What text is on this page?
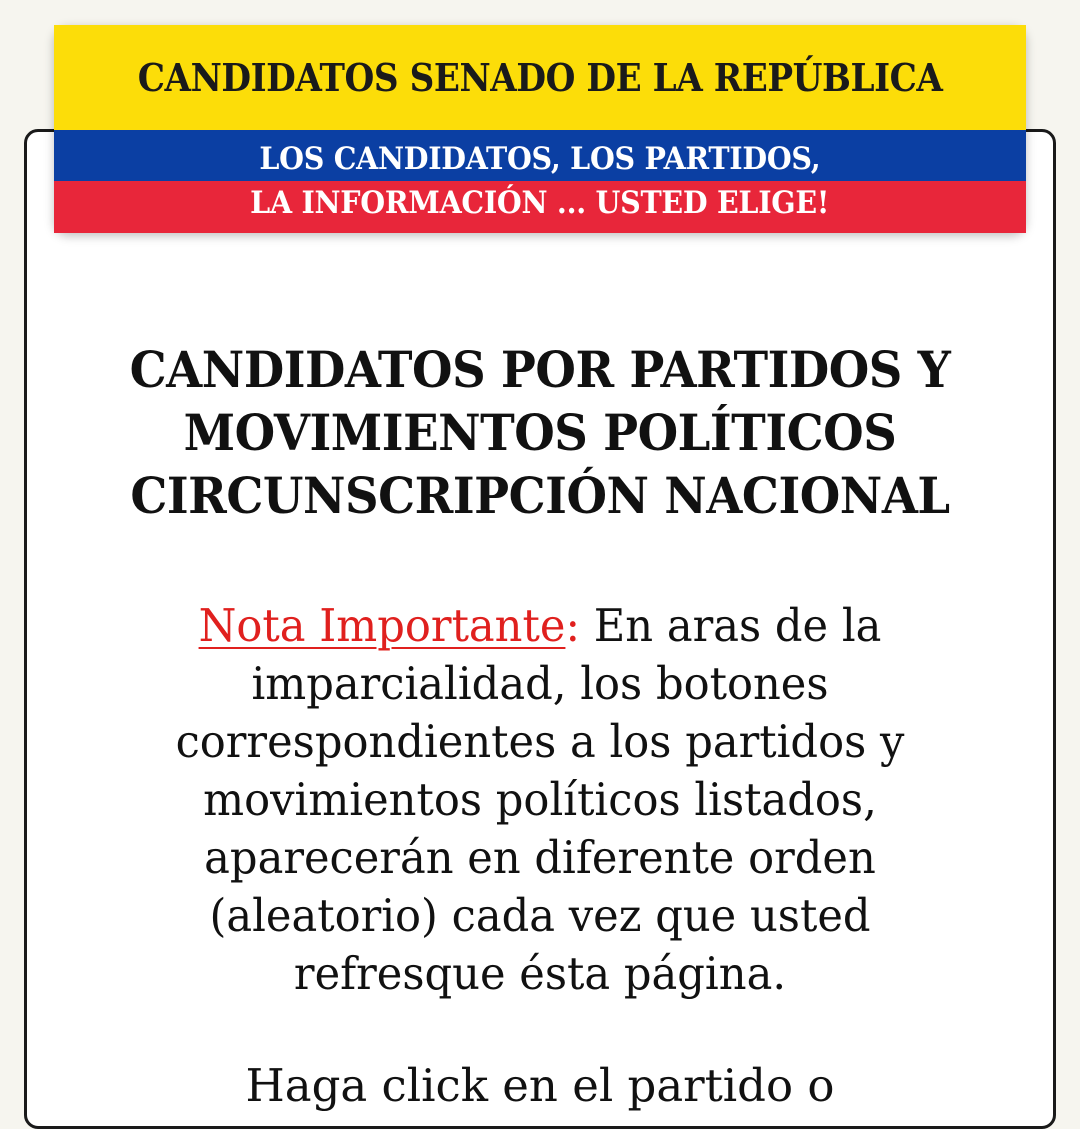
CANDIDATOS SENADO DE LA REPÚBLICA
LOS CANDIDATOS, LOS PARTIDOS,
LA INFORMACIÓN ... USTED ELIGE!
CANDIDATOS POR PARTIDOS Y
MOVIMIENTOS POLÍTICOS
CIRCUNSCRIPCIÓN NACIONAL
Nota Importante: En aras de la
imparcialidad, los botones
correspondientes a los partidos y
movimientos políticos listados,
aparecerán en diferente orden
(aleatorio) cada vez que usted
refresque ésta página.
Haga click en el partido o
